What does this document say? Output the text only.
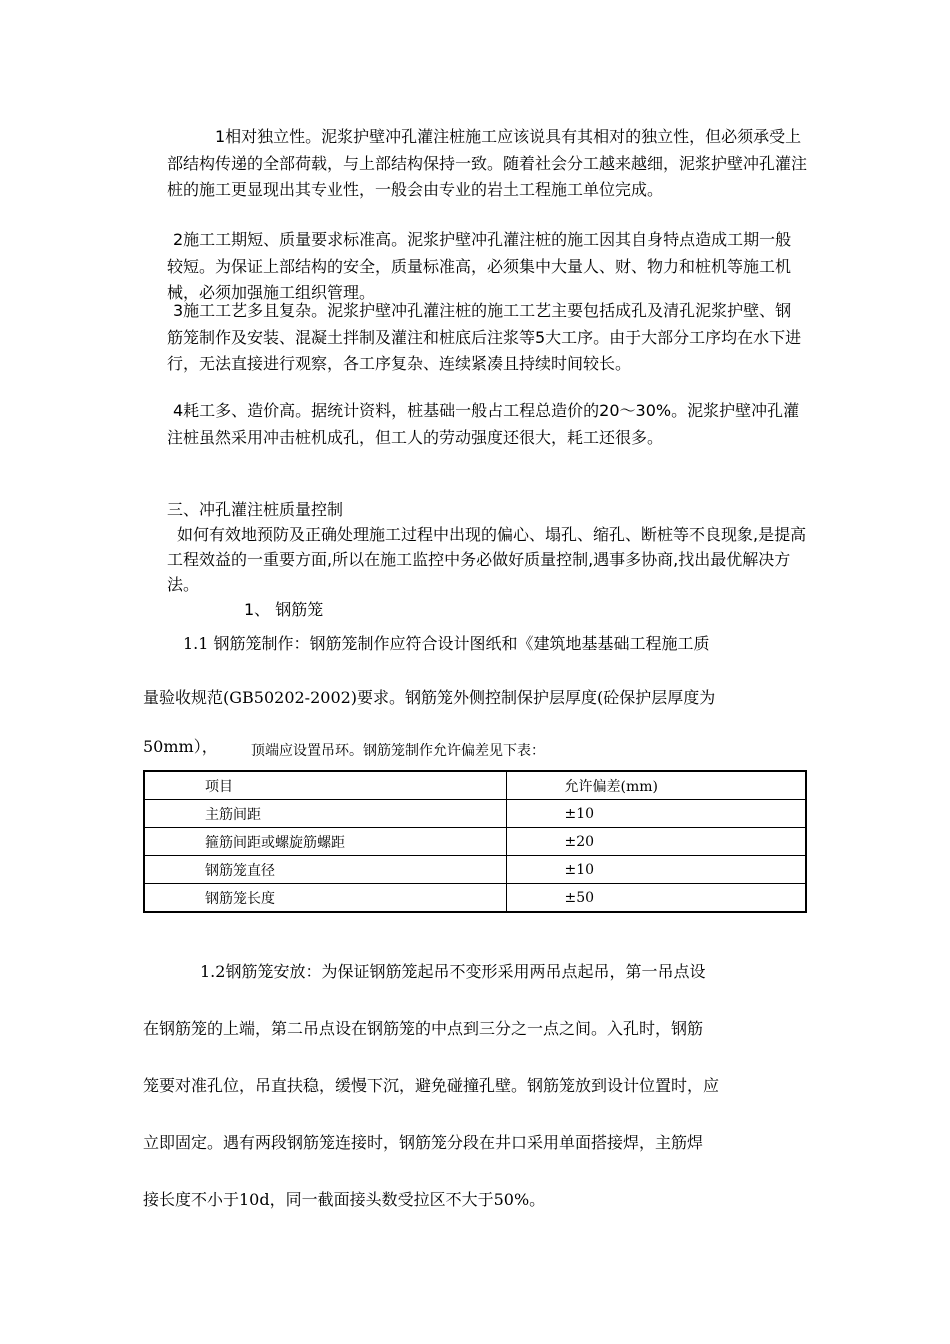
1相对独立性。泥浆护壁冲孔灌注桩施工应该说具有其相对的独立性，但必须承受上部结构传递的全部荷载，与上部结构保持一致。随着社会分工越来越细，泥浆护壁冲孔灌注桩的施工更显现出其专业性，一般会由专业的岩土工程施工单位完成。
2施工工期短、质量要求标准高。泥浆护壁冲孔灌注桩的施工因其自身特点造成工期一般较短。为保证上部结构的安全，质量标准高，必须集中大量人、财、物力和桩机等施工机械，必须加强施工组织管理。
3施工工艺多且复杂。泥浆护壁冲孔灌注桩的施工工艺主要包括成孔及清孔泥浆护壁、钢筋笼制作及安装、混凝土拌制及灌注和桩底后注浆等5大工序。由于大部分工序均在水下进行，无法直接进行观察，各工序复杂、连续紧凑且持续时间较长。
4耗工多、造价高。据统计资料，桩基础一般占工程总造价的20～30%。泥浆护壁冲孔灌注桩虽然采用冲击桩机成孔，但工人的劳动强度还很大，耗工还很多。
三、冲孔灌注桩质量控制
如何有效地预防及正确处理施工过程中出现的偏心、塌孔、缩孔、断桩等不良现象,是提高工程效益的一重要方面,所以在施工监控中务必做好质量控制,遇事多协商,找出最优解决方法。
1、 钢筋笼
1.1 钢筋笼制作：钢筋笼制作应符合设计图纸和《建筑地基基础工程施工质
量验收规范(GB50202-2002)要求。钢筋笼外侧控制保护层厚度(砼保护层厚度为
50mm）， 顶端应设置吊环。钢筋笼制作允许偏差见下表：
项目	允许偏差(mm)
主筋间距	±10
箍筋间距或螺旋筋螺距	±20
钢筋笼直径	±10
钢筋笼长度	±50
1.2钢筋笼安放：为保证钢筋笼起吊不变形采用两吊点起吊，第一吊点设
在钢筋笼的上端，第二吊点设在钢筋笼的中点到三分之一点之间。入孔时，钢筋
笼要对准孔位，吊直扶稳，缓慢下沉，避免碰撞孔壁。钢筋笼放到设计位置时，应
立即固定。遇有两段钢筋笼连接时，钢筋笼分段在井口采用单面搭接焊，主筋焊
接长度不小于10d，同一截面接头数受拉区不大于50%。
